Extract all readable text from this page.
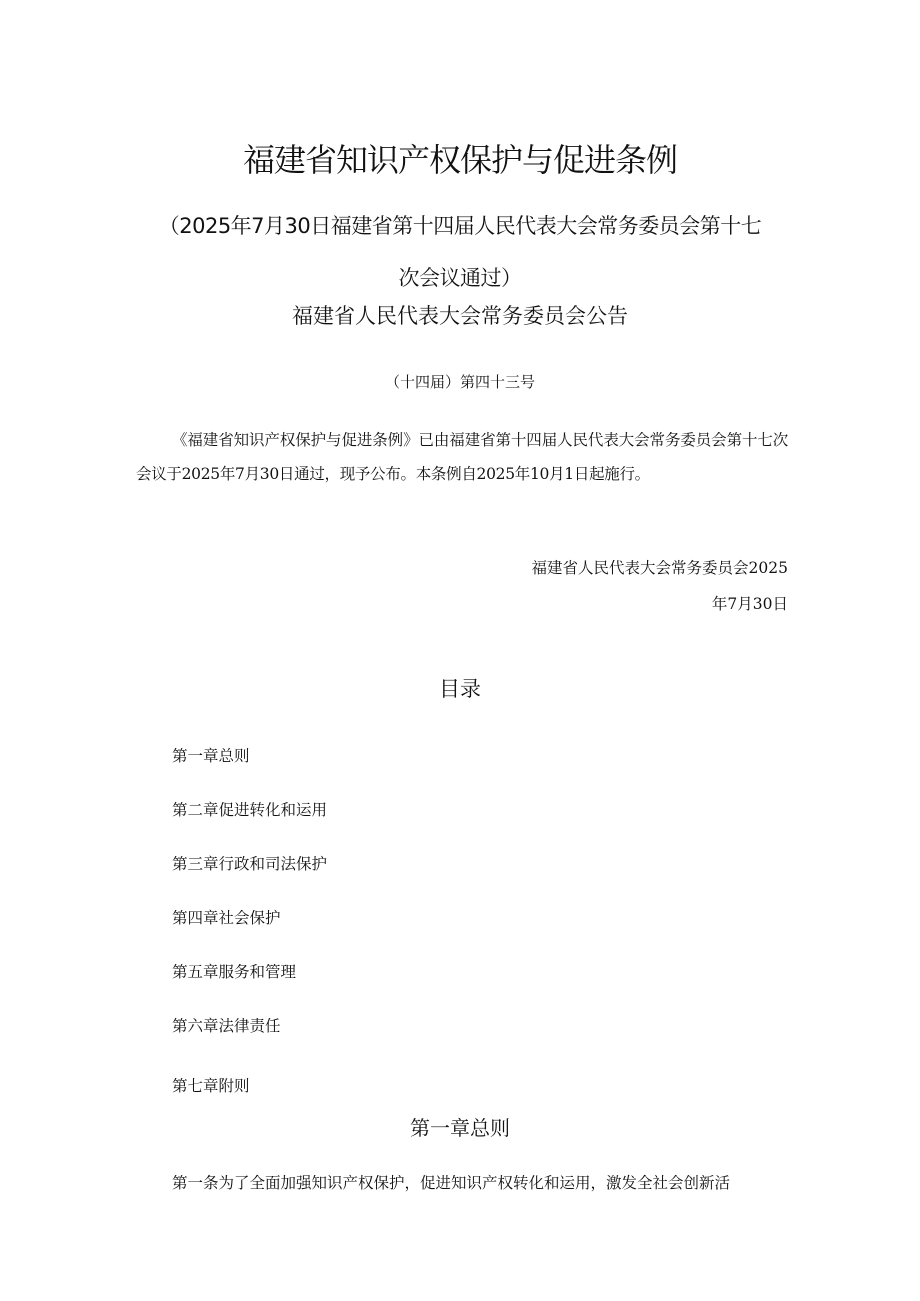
福建省知识产权保护与促进条例
（2025年7月30日福建省第十四届人民代表大会常务委员会第十七次会议通过）
福建省人民代表大会常务委员会公告
（十四届）第四十三号
《福建省知识产权保护与促进条例》已由福建省第十四届人民代表大会常务委员会第十七次会议于2025年7月30日通过，现予公布。本条例自2025年10月1日起施行。
福建省人民代表大会常务委员会2025
年7月30日
目录
第一章总则
第二章促进转化和运用
第三章行政和司法保护
第四章社会保护
第五章服务和管理
第六章法律责任
第七章附则
第一章总则
第一条为了全面加强知识产权保护，促进知识产权转化和运用，激发全社会创新活
